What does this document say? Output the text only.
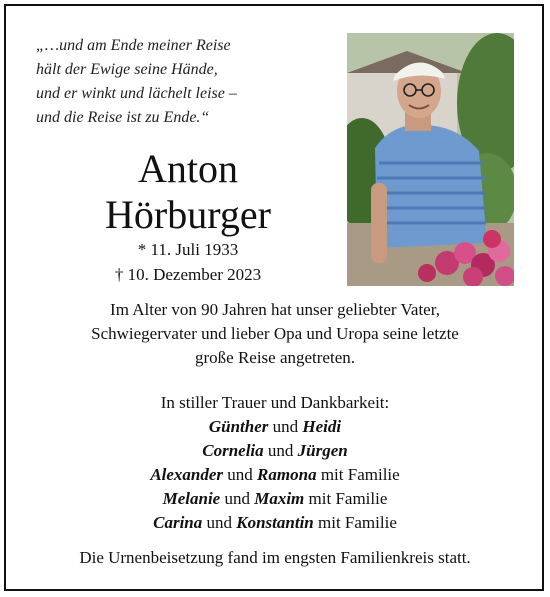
„…und am Ende meiner Reise
hält der Ewige seine Hände,
und er winkt und lächelt leise –
und die Reise ist zu Ende.“
Anton
Hörburger
* 11. Juli 1933
† 10. Dezember 2023
Im Alter von 90 Jahren hat unser geliebter Vater,
Schwiegervater und lieber Opa und Uropa seine letzte
große Reise angetreten.
In stiller Trauer und Dankbarkeit:
Günther und Heidi
Cornelia und Jürgen
Alexander und Ramona mit Familie
Melanie und Maxim mit Familie
Carina und Konstantin mit Familie
Die Urnenbeisetzung fand im engsten Familienkreis statt.
